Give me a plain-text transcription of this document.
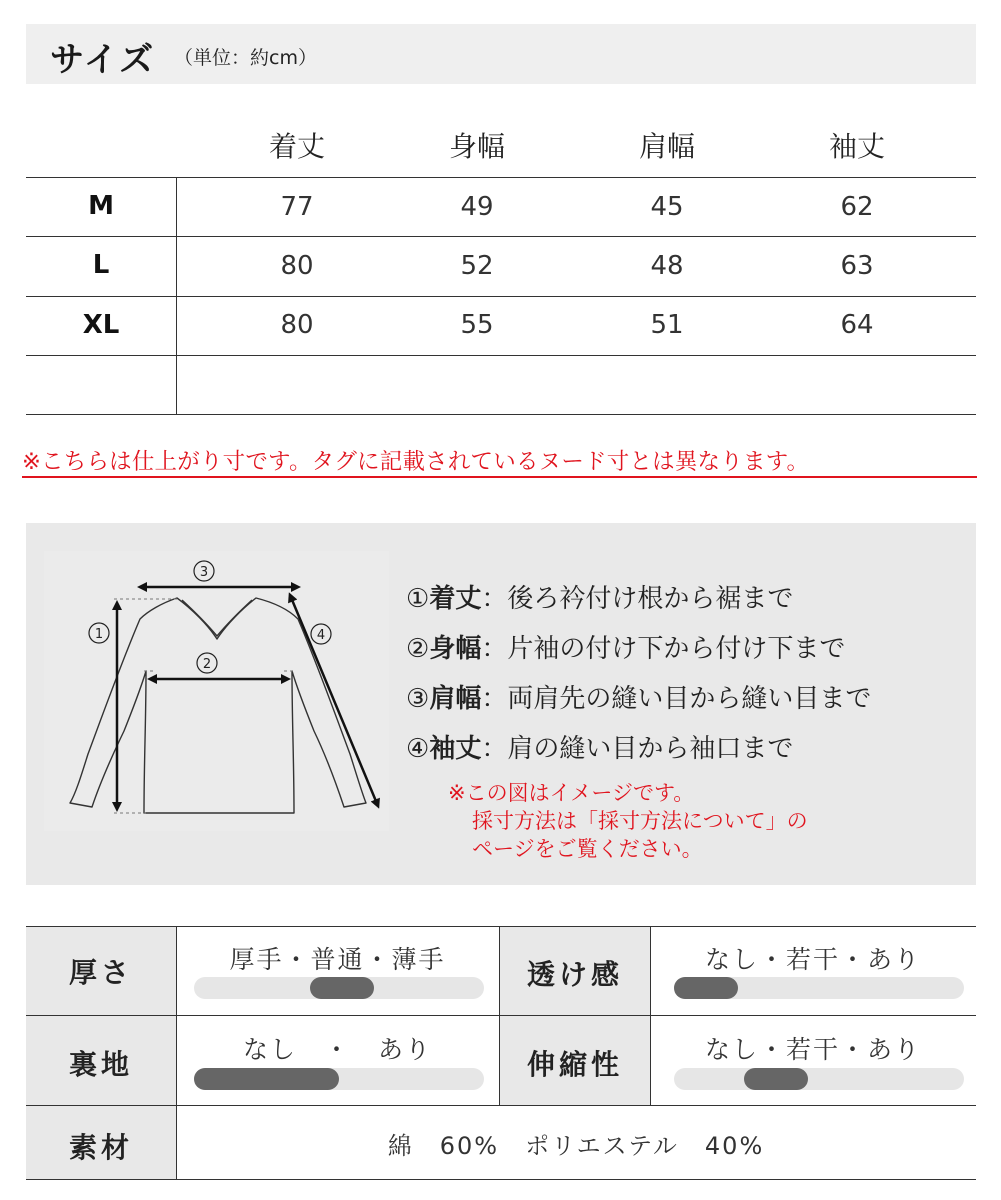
サイズ （単位：約cm）
着丈	身幅	肩幅	袖丈
M	77	49	45	62
L	80	52	48	63
XL	80	55	51	64
※こちらは仕上がり寸です。タグに記載されているヌード寸とは異なります。
3
1
2
4
①着丈：後ろ衿付け根から裾まで
②身幅：片袖の付け下から付け下まで
③肩幅：両肩先の縫い目から縫い目まで
④袖丈：肩の縫い目から袖口まで
※この図はイメージです。
採寸方法は「採寸方法について」の
ページをご覧ください。
厚さ	厚手・普通・薄手	透け感	なし・若干・あり
裏地	なし　・　あり	伸縮性	なし・若干・あり
素材	綿　60%　ポリエステル　40%
